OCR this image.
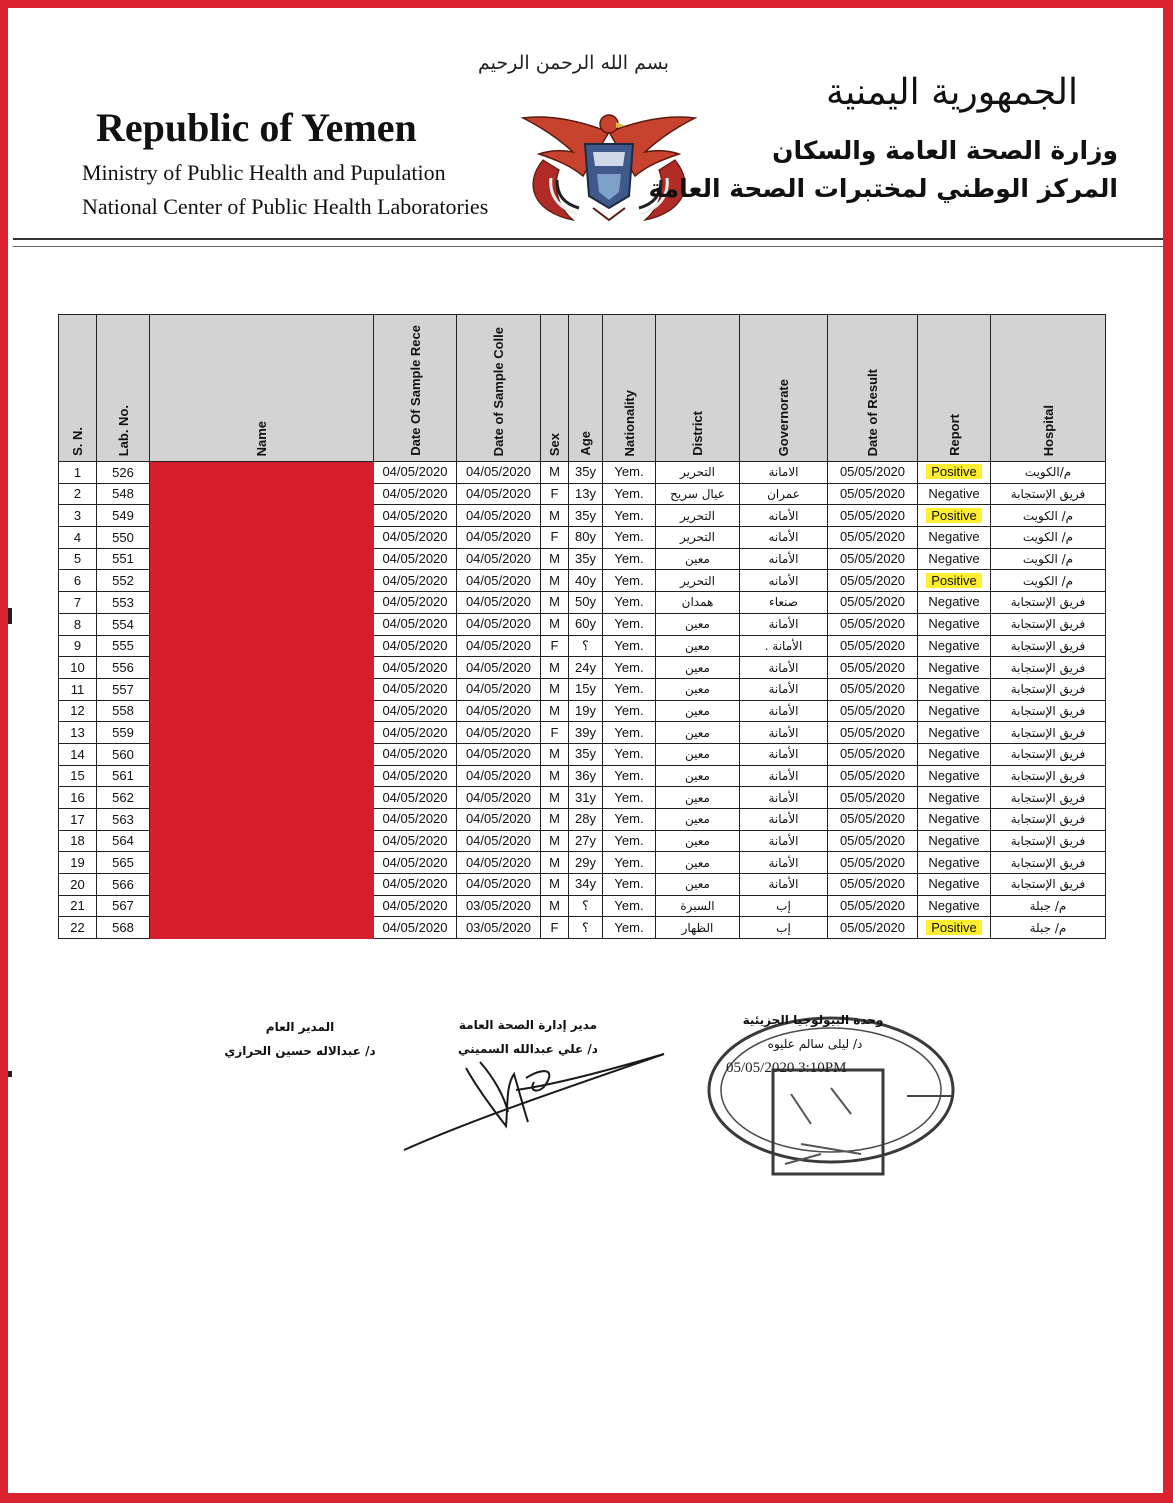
Republic of Yemen
Ministry of Public Health and Pupulation
National Center of Public Health Laboratories
بسم الله الرحمن الرحيم
الجمهورية اليمنية
وزارة الصحة العامة والسكان
المركز الوطني لمختبرات الصحة العامة
S. N.	Lab. No.	Name	Date Of Sample Rece	Date of Sample Colle	Sex	Age	Nationality	District	Governorate	Date of Result	Report	Hospital
1	526		04/05/2020	04/05/2020	M	35y	Yem.	التحرير	الامانة	05/05/2020	Positive	م/الكويت
2	548		04/05/2020	04/05/2020	F	13y	Yem.	عيال سريح	عمران	05/05/2020	Negative	فريق الإستجابة
3	549		04/05/2020	04/05/2020	M	35y	Yem.	التحرير	الأمانه	05/05/2020	Positive	م/ الكويت
4	550		04/05/2020	04/05/2020	F	80y	Yem.	التحرير	الأمانه	05/05/2020	Negative	م/ الكويت
5	551		04/05/2020	04/05/2020	M	35y	Yem.	معين	الأمانه	05/05/2020	Negative	م/ الكويت
6	552		04/05/2020	04/05/2020	M	40y	Yem.	التحرير	الأمانه	05/05/2020	Positive	م/ الكويت
7	553		04/05/2020	04/05/2020	M	50y	Yem.	همدان	صنعاء	05/05/2020	Negative	فريق الإستجابة
8	554		04/05/2020	04/05/2020	M	60y	Yem.	معين	الأمانة	05/05/2020	Negative	فريق الإستجابة
9	555		04/05/2020	04/05/2020	F	؟	Yem.	معين	الأمانة .	05/05/2020	Negative	فريق الإستجابة
10	556		04/05/2020	04/05/2020	M	24y	Yem.	معين	الأمانة	05/05/2020	Negative	فريق الإستجابة
11	557		04/05/2020	04/05/2020	M	15y	Yem.	معين	الأمانة	05/05/2020	Negative	فريق الإستجابة
12	558		04/05/2020	04/05/2020	M	19y	Yem.	معين	الأمانة	05/05/2020	Negative	فريق الإستجابة
13	559		04/05/2020	04/05/2020	F	39y	Yem.	معين	الأمانة	05/05/2020	Negative	فريق الإستجابة
14	560		04/05/2020	04/05/2020	M	35y	Yem.	معين	الأمانة	05/05/2020	Negative	فريق الإستجابة
15	561		04/05/2020	04/05/2020	M	36y	Yem.	معين	الأمانة	05/05/2020	Negative	فريق الإستجابة
16	562		04/05/2020	04/05/2020	M	31y	Yem.	معين	الأمانة	05/05/2020	Negative	فريق الإستجابة
17	563		04/05/2020	04/05/2020	M	28y	Yem.	معين	الأمانة	05/05/2020	Negative	فريق الإستجابة
18	564		04/05/2020	04/05/2020	M	27y	Yem.	معين	الأمانة	05/05/2020	Negative	فريق الإستجابة
19	565		04/05/2020	04/05/2020	M	29y	Yem.	معين	الأمانة	05/05/2020	Negative	فريق الإستجابة
20	566		04/05/2020	04/05/2020	M	34y	Yem.	معين	الأمانة	05/05/2020	Negative	فريق الإستجابة
21	567		04/05/2020	03/05/2020	M	؟	Yem.	السبرة	إب	05/05/2020	Negative	م/ جبلة
22	568		04/05/2020	03/05/2020	F	؟	Yem.	الظهار	إب	05/05/2020	Positive	م/ جبلة
المدير العام
د/ عبدالاله حسين الحرازي
مدير إدارة الصحة العامة
د/ علي عبدالله السميني
وحدة البيولوجيا الجزيئية
د/ ليلى سالم عليوه
05/05/2020 3:10PM
